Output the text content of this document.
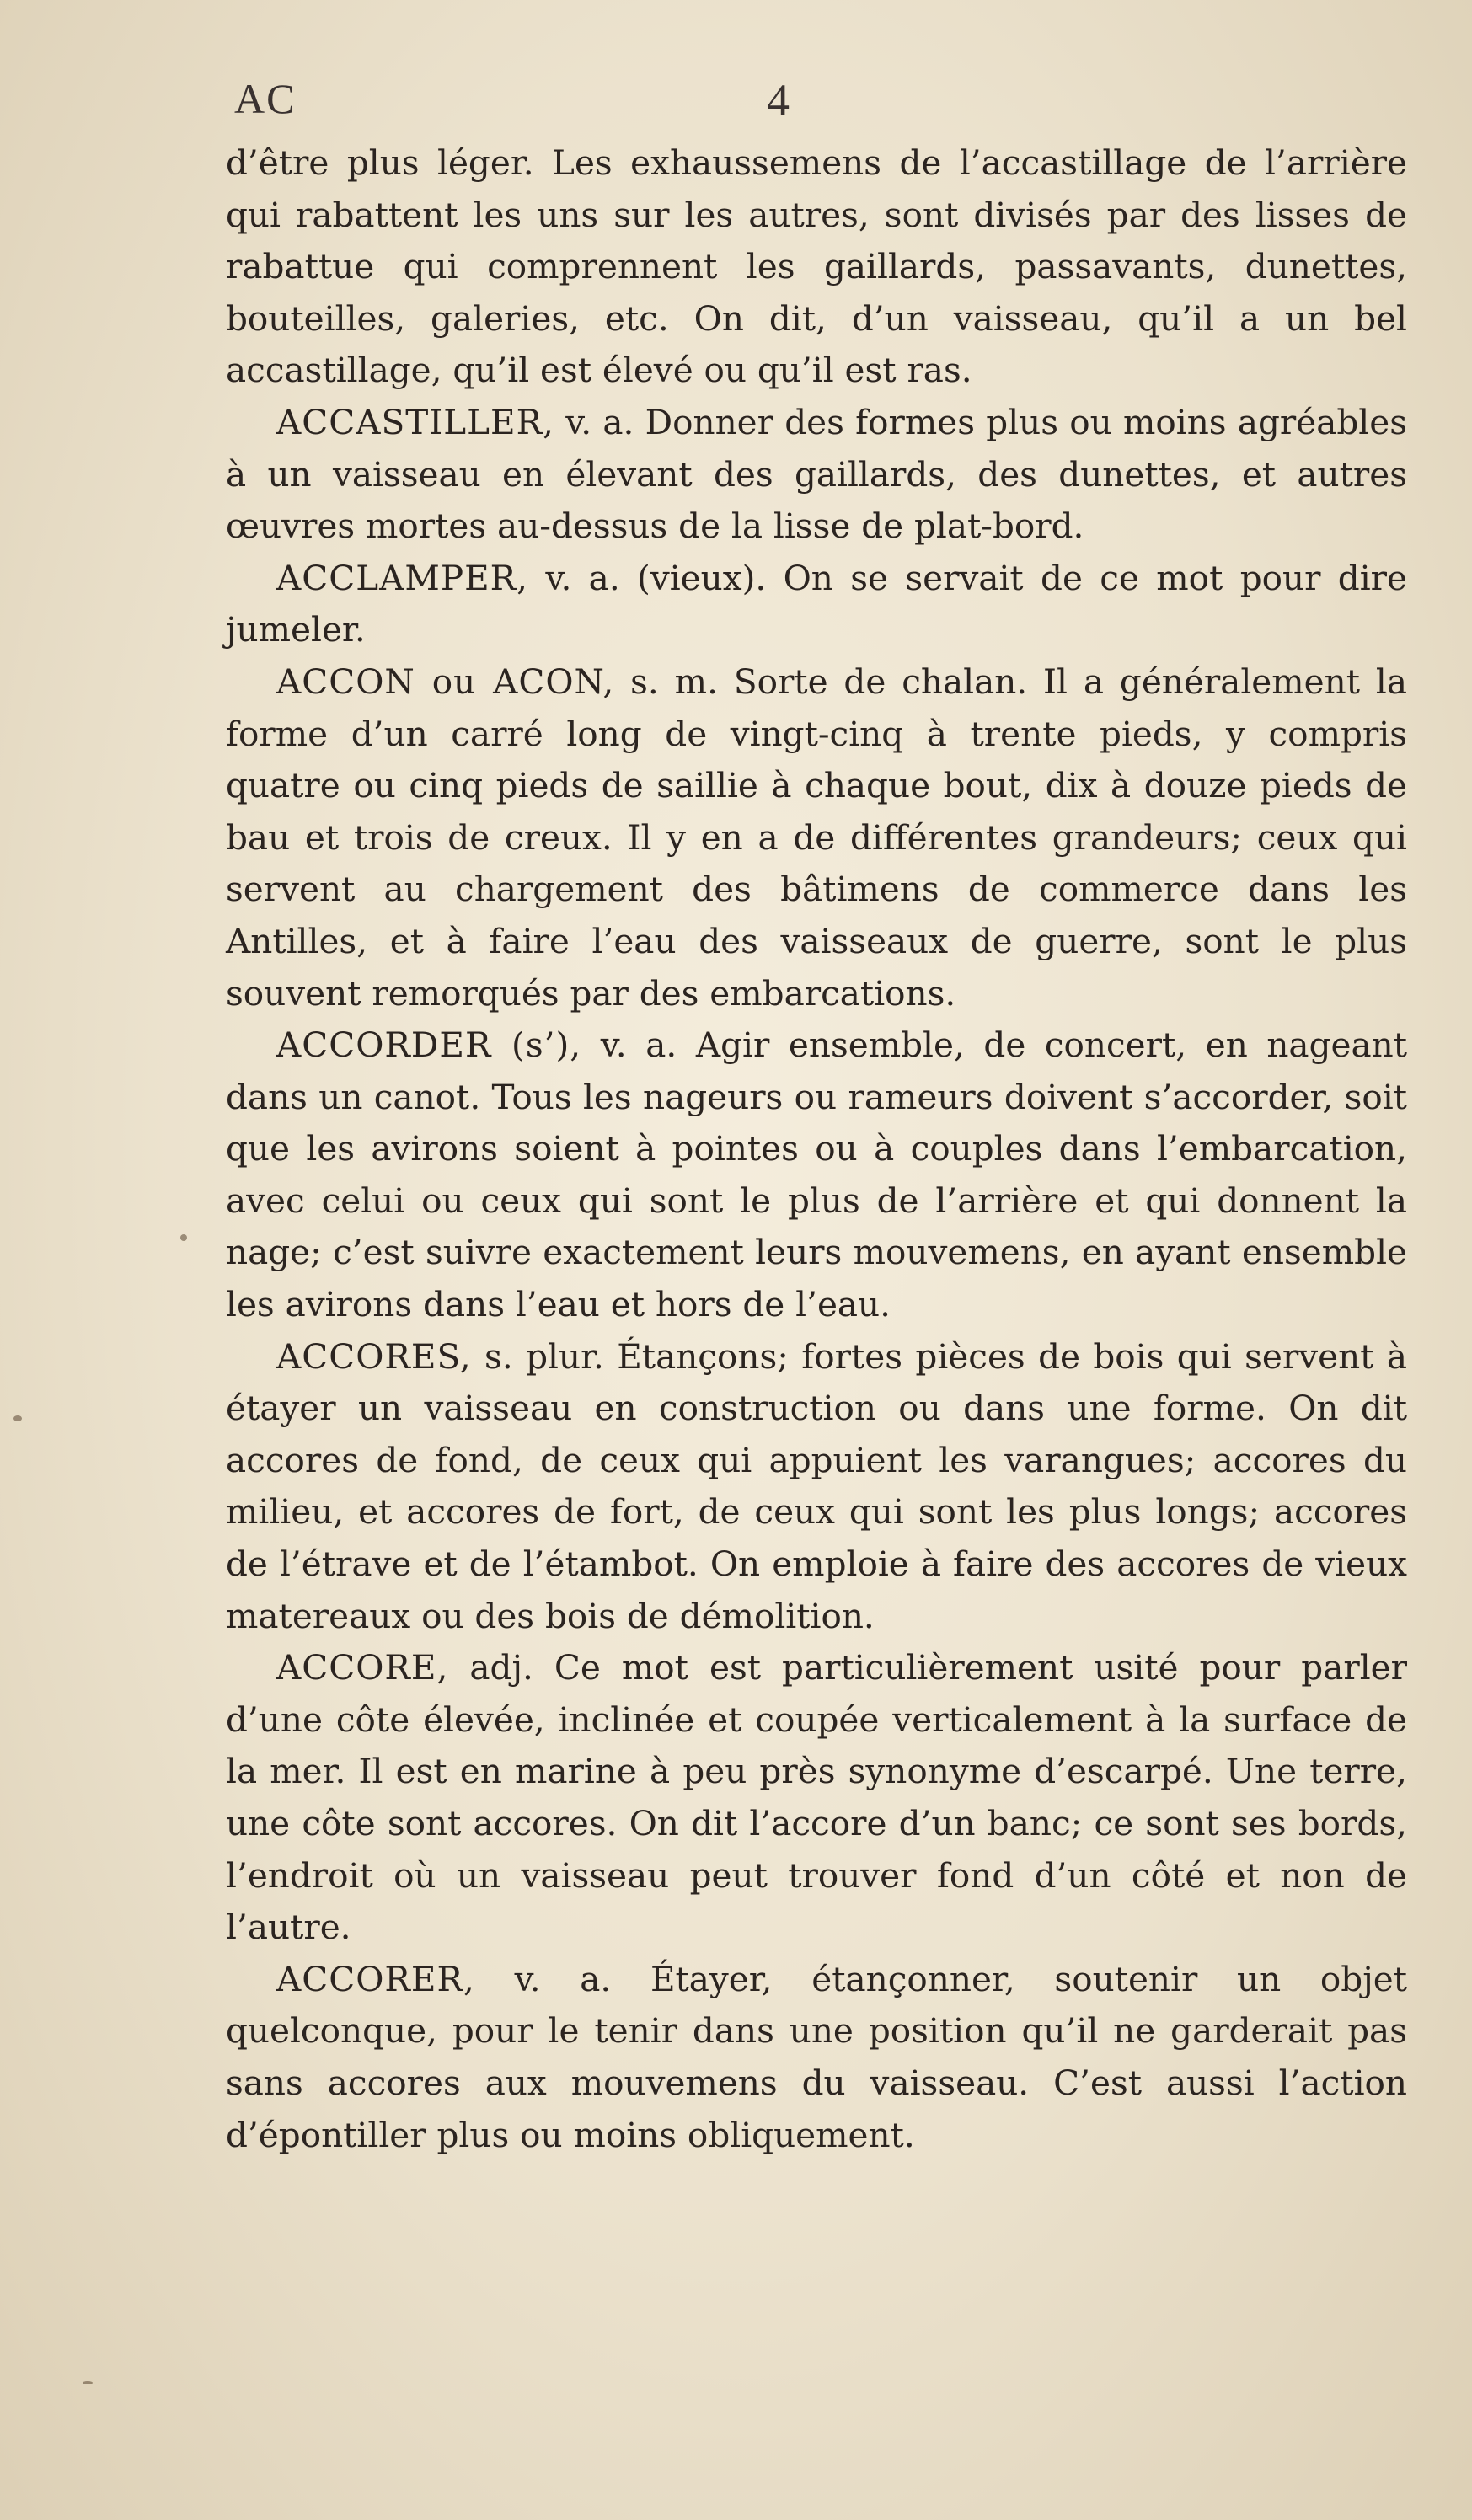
AC	4

d’être plus léger. Les exhaussemens de l’accastillage de l’arrière qui rabattent les uns sur les autres, sont divisés par des lisses de rabattue qui comprennent les gaillards, passavants, dunettes, bouteilles, galeries, etc. On dit, d’un vaisseau, qu’il a un bel accastillage, qu’il est élevé ou qu’il est ras.

ACCASTILLER, v. a. Donner des formes plus ou moins agréables à un vaisseau en élevant des gaillards, des dunettes, et autres œuvres mortes au-dessus de la lisse de plat-bord.

ACCLAMPER, v. a. (vieux). On se servait de ce mot pour dire jumeler.

ACCON ou ACON, s. m. Sorte de chalan. Il a généralement la forme d’un carré long de vingt-cinq à trente pieds, y compris quatre ou cinq pieds de saillie à chaque bout, dix à douze pieds de bau et trois de creux. Il y en a de différentes grandeurs; ceux qui servent au chargement des bâtimens de commerce dans les Antilles, et à faire l’eau des vaisseaux de guerre, sont le plus souvent remorqués par des embarcations.

ACCORDER (s’), v. a. Agir ensemble, de concert, en nageant dans un canot. Tous les nageurs ou rameurs doivent s’accorder, soit que les avirons soient à pointes ou à couples dans l’embarcation, avec celui ou ceux qui sont le plus de l’arrière et qui donnent la nage; c’est suivre exactement leurs mouvemens, en ayant ensemble les avirons dans l’eau et hors de l’eau.

ACCORES, s. plur. Étançons; fortes pièces de bois qui servent à étayer un vaisseau en construction ou dans une forme. On dit accores de fond, de ceux qui appuient les varangues; accores du milieu, et accores de fort, de ceux qui sont les plus longs; accores de l’étrave et de l’étambot. On emploie à faire des accores de vieux matereaux ou des bois de démolition.

ACCORE, adj. Ce mot est particulièrement usité pour parler d’une côte élevée, inclinée et coupée verticalement à la surface de la mer. Il est en marine à peu près synonyme d’escarpé. Une terre, une côte sont accores. On dit l’accore d’un banc; ce sont ses bords, l’endroit où un vaisseau peut trouver fond d’un côté et non de l’autre.

ACCORER, v. a. Étayer, étançonner, soutenir un objet quelconque, pour le tenir dans une position qu’il ne garderait pas sans accores aux mouvemens du vaisseau. C’est aussi l’action d’épontiller plus ou moins obliquement.
